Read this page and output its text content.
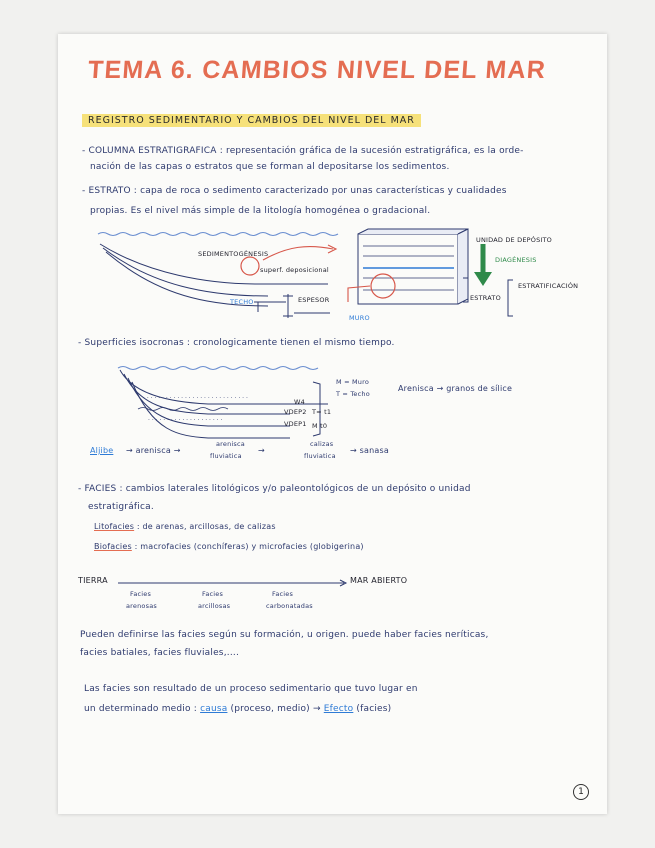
TEMA 6. CAMBIOS NIVEL DEL MAR
REGISTRO SEDIMENTARIO Y CAMBIOS DEL NIVEL DEL MAR
- COLUMNA ESTRATIGRAFICA : representación gráfica de la sucesión estratigráfica, es la orde-
nación de las capas o estratos que se forman al depositarse los sedimentos.
- ESTRATO : capa de roca o sedimento caracterizado por unas características y cualidades
propias. Es el nivel más simple de la litología homogénea o gradacional.
· · · · · · · · · · · · · · · · · · · · · · · · · · · ·
· · · · · · · · · · · · · · · · · · · ·
SEDIMENTOGÉNESIS
superf. deposicional
UNIDAD DE DEPÓSITO
DIAGÉNESIS
ESTRATO
ESTRATIFICACIÓN
TECHO	ESPESOR
MURO
- Superficies isocronas : cronologicamente tienen el mismo tiempo.
M = Muro
T = Techo
Arenisca → granos de sílice
W4
VDEP2 T= t1
VDEP1 M t0
Aljibe → arenisca →
arenisca
fluviatica
→
calizas
fluviatica
→ sanasa
- FACIES : cambios laterales litológicos y/o paleontológicos de un depósito o unidad
estratigráfica.
Litofacies : de arenas, arcillosas, de calizas
Biofacies : macrofacies (conchíferas) y microfacies (globigerina)
TIERRA	MAR ABIERTO
Facies
arenosas
Facies
arcillosas
Facies
carbonatadas
Pueden definirse las facies según su formación, u origen. puede haber facies neríticas,
facies batiales, facies fluviales,....
Las facies son resultado de un proceso sedimentario que tuvo lugar en
un determinado medio : causa (proceso, medio) → Efecto (facies)
1
